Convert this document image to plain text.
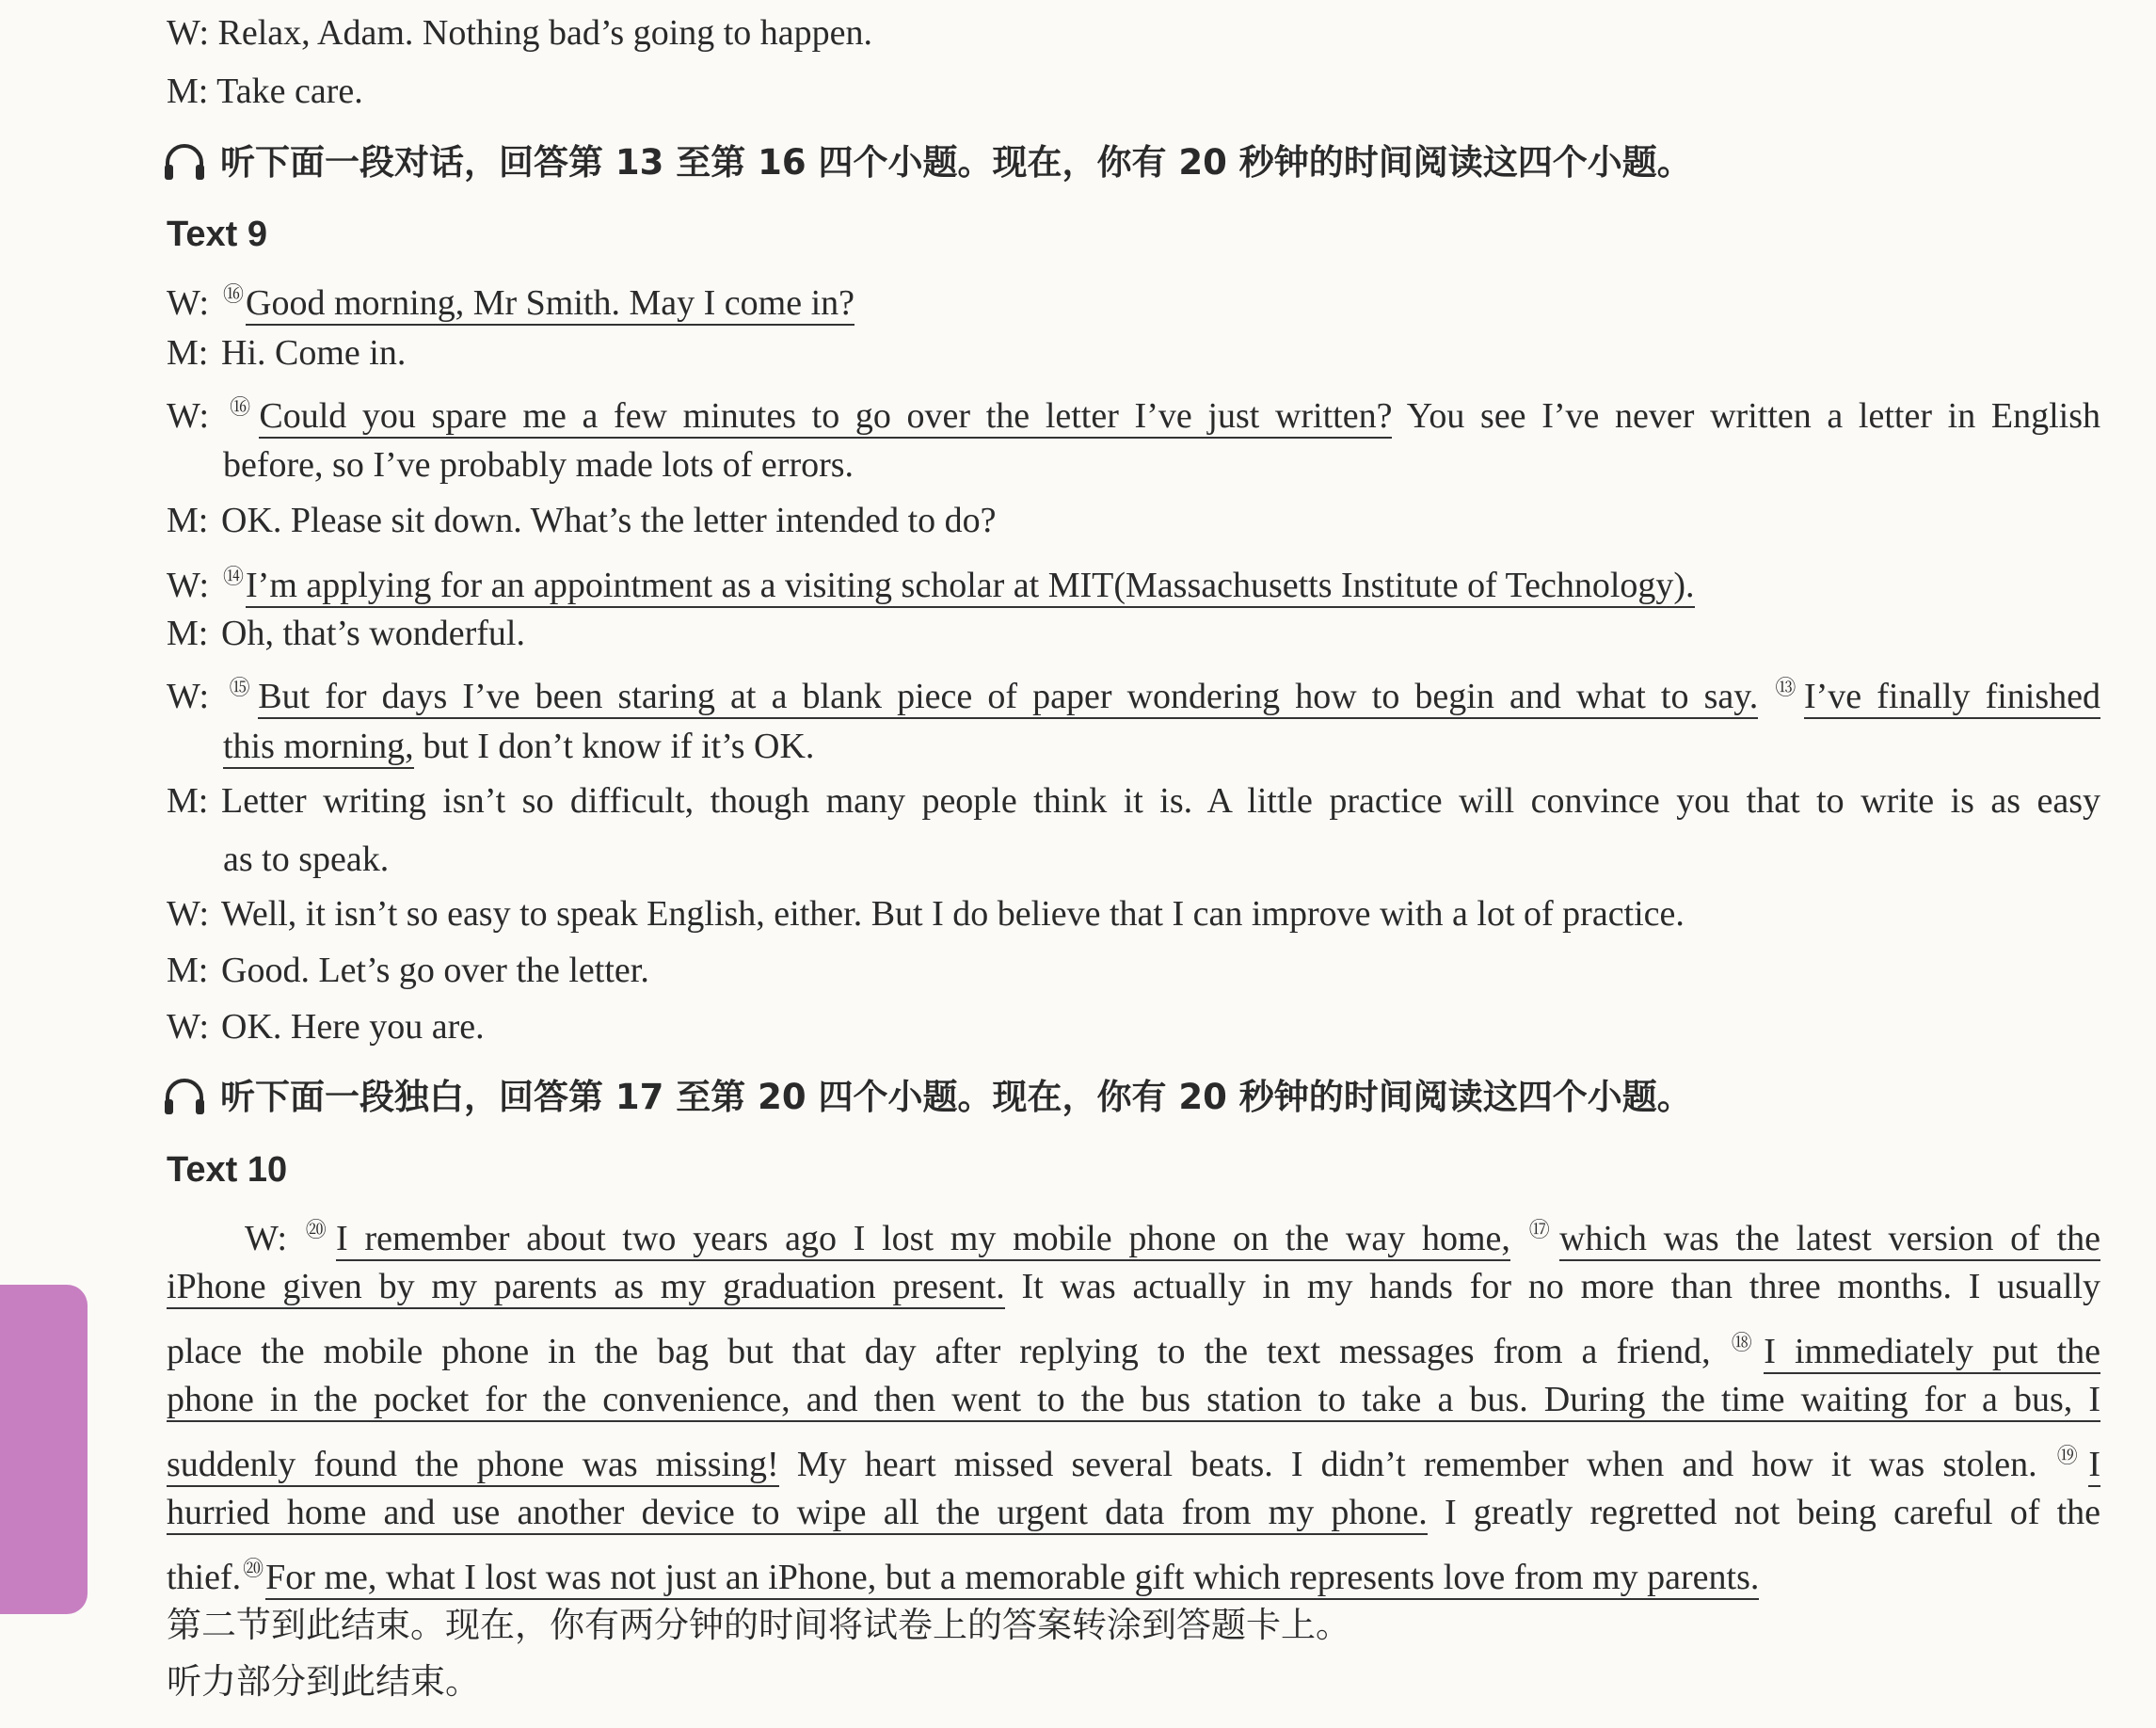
W: Relax, Adam. Nothing bad’s going to happen.
M: Take care.
听下面一段对话，回答第 13 至第 16 四个小题。现在，你有 20 秒钟的时间阅读这四个小题。
Text 9
W: ⑯Good morning, Mr Smith. May I come in?
M: Hi. Come in.
W: ⑯Could you spare me a few minutes to go over the letter I’ve just written? You see I’ve never written a letter in English
before, so I’ve probably made lots of errors.
M: OK. Please sit down. What’s the letter intended to do?
W: ⑭I’m applying for an appointment as a visiting scholar at MIT(Massachusetts Institute of Technology).
M: Oh, that’s wonderful.
W: ⑮But for days I’ve been staring at a blank piece of paper wondering how to begin and what to say. ⑬I’ve finally finished
this morning, but I don’t know if it’s OK.
M: Letter writing isn’t so difficult, though many people think it is. A little practice will convince you that to write is as easy
as to speak.
W: Well, it isn’t so easy to speak English, either. But I do believe that I can improve with a lot of practice.
M: Good. Let’s go over the letter.
W: OK. Here you are.
听下面一段独白，回答第 17 至第 20 四个小题。现在，你有 20 秒钟的时间阅读这四个小题。
Text 10
W: ⑳I remember about two years ago I lost my mobile phone on the way home, ⑰which was the latest version of the
iPhone given by my parents as my graduation present. It was actually in my hands for no more than three months. I usually
place the mobile phone in the bag but that day after replying to the text messages from a friend, ⑱I immediately put the
phone in the pocket for the convenience, and then went to the bus station to take a bus. During the time waiting for a bus, I
suddenly found the phone was missing! My heart missed several beats. I didn’t remember when and how it was stolen. ⑲I
hurried home and use another device to wipe all the urgent data from my phone. I greatly regretted not being careful of the
thief.⑳For me, what I lost was not just an iPhone, but a memorable gift which represents love from my parents.
第二节到此结束。现在，你有两分钟的时间将试卷上的答案转涂到答题卡上。
听力部分到此结束。
